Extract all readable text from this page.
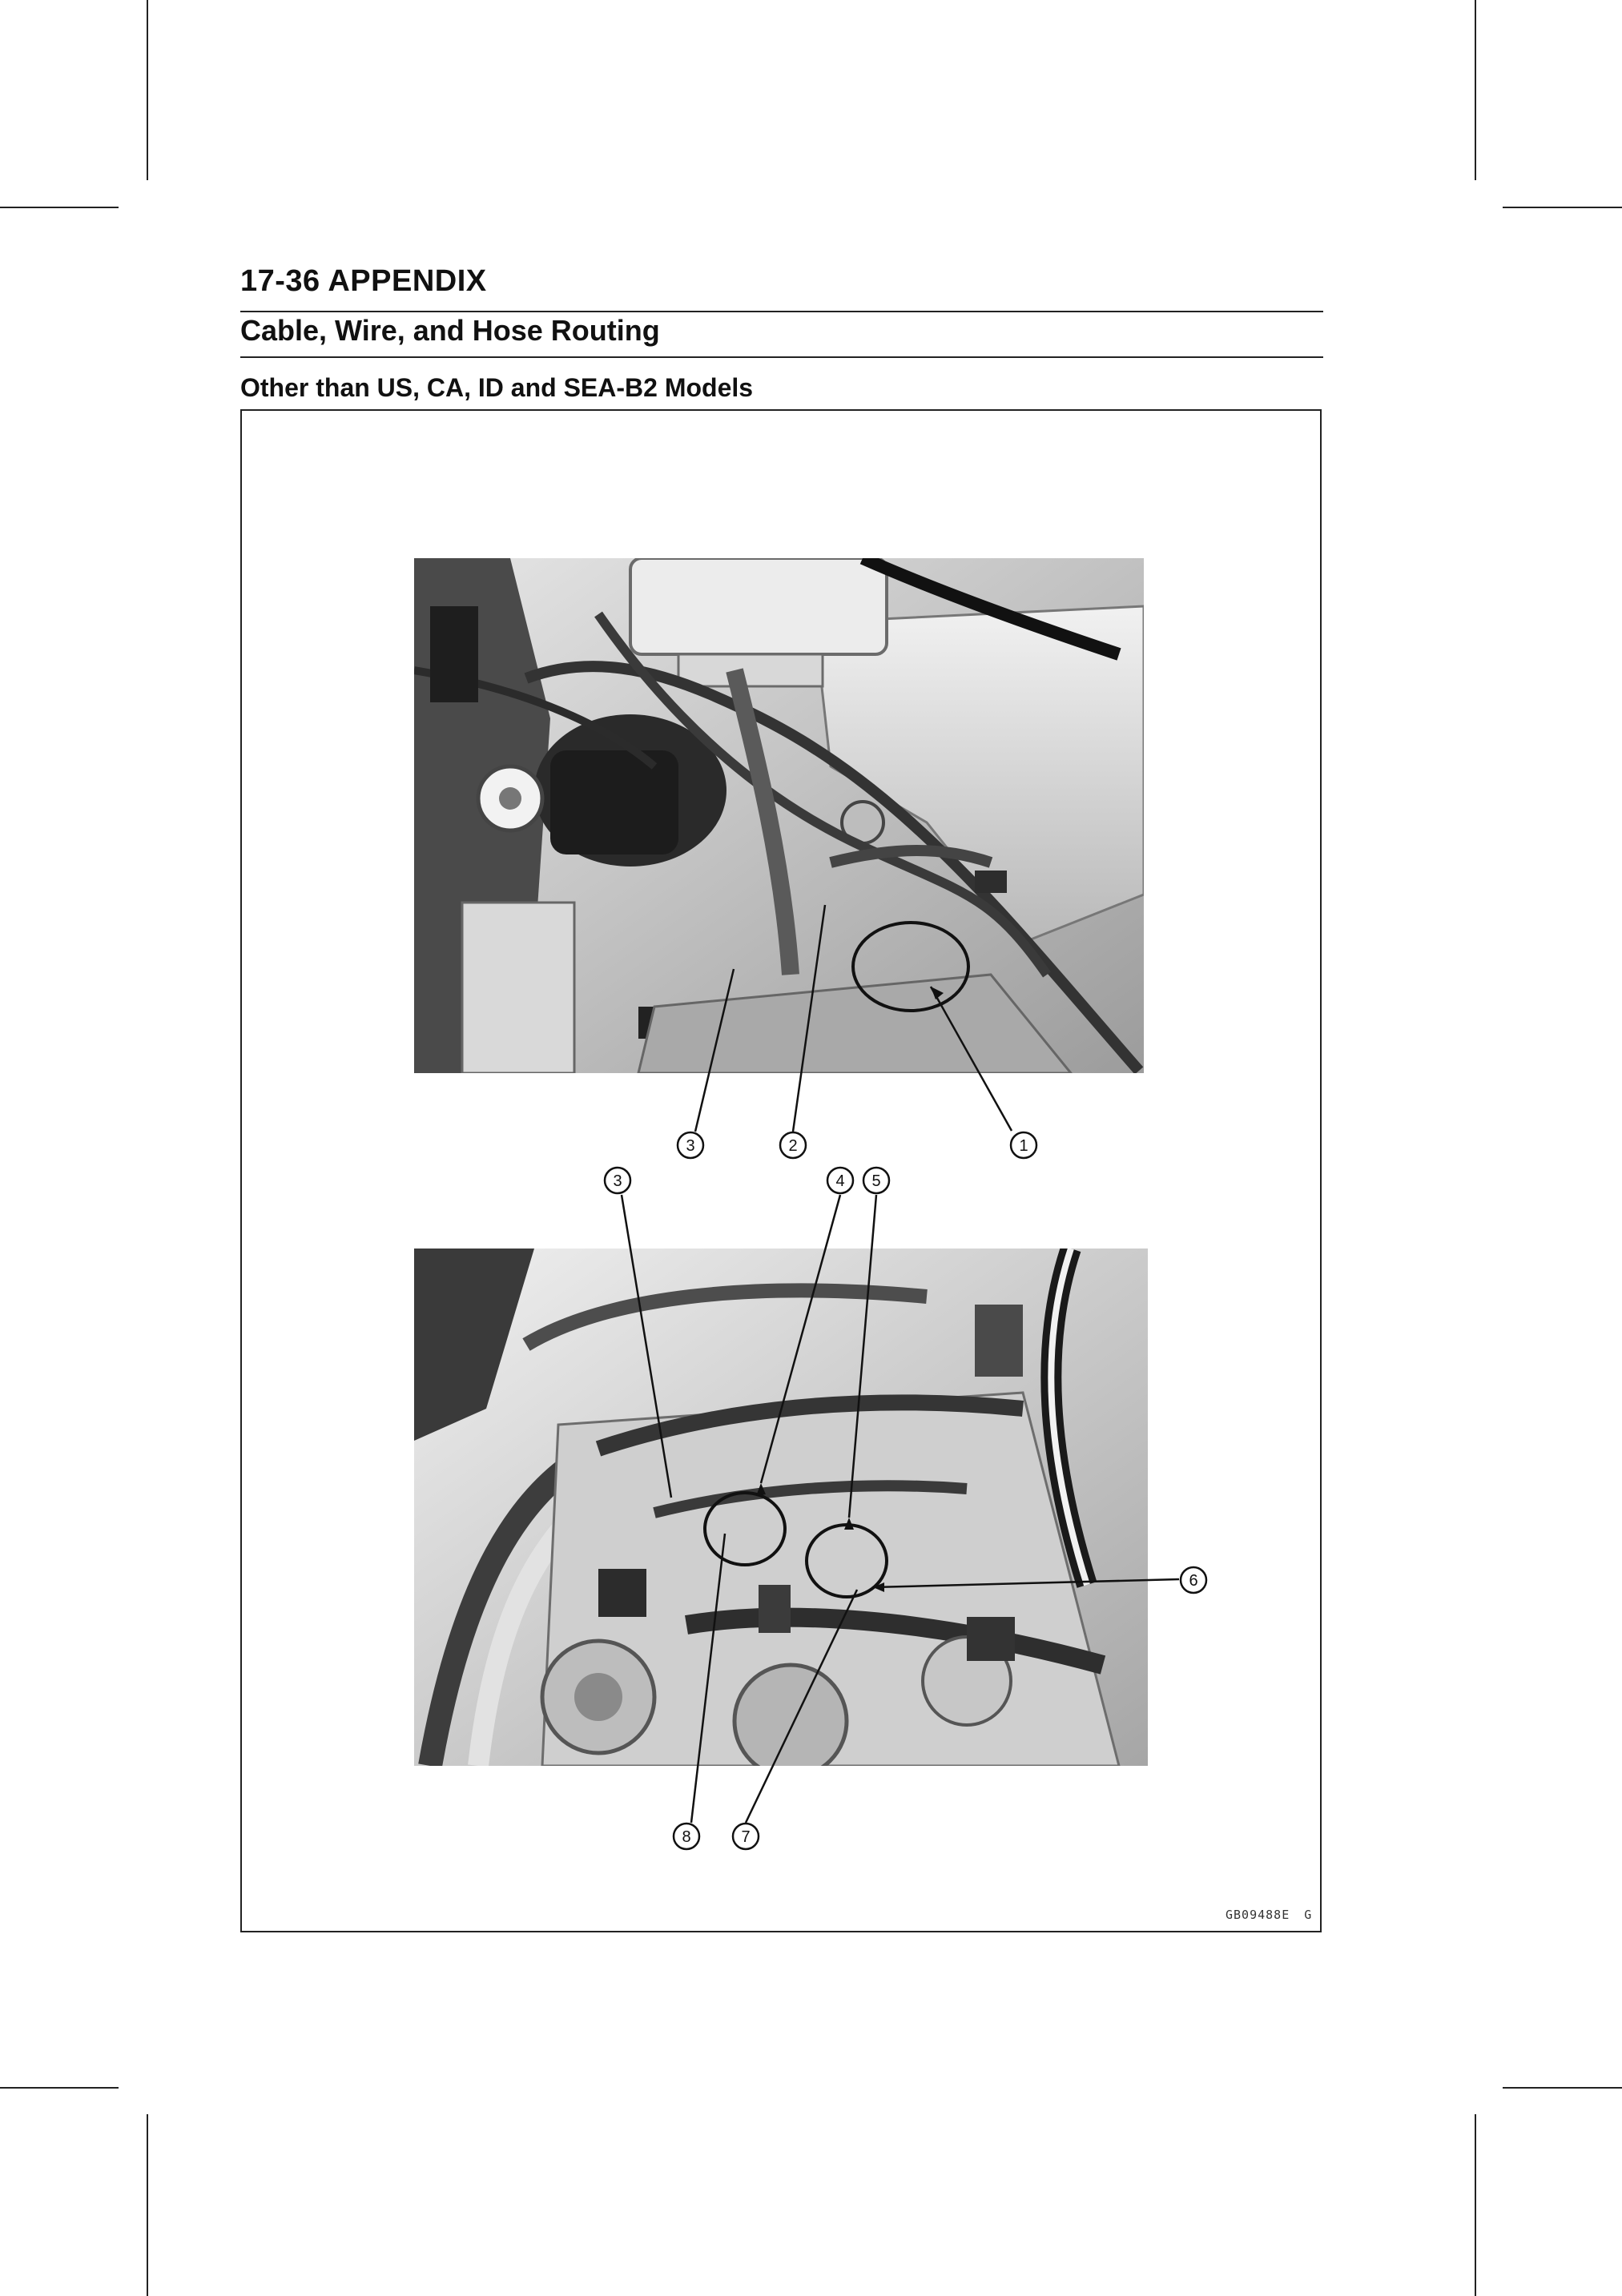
17-36 APPENDIX
Cable, Wire, and Hose Routing
Other than US, CA, ID and SEA-B2 Models
3	2	1
3	4 5
6
8	7
GB09488E G
